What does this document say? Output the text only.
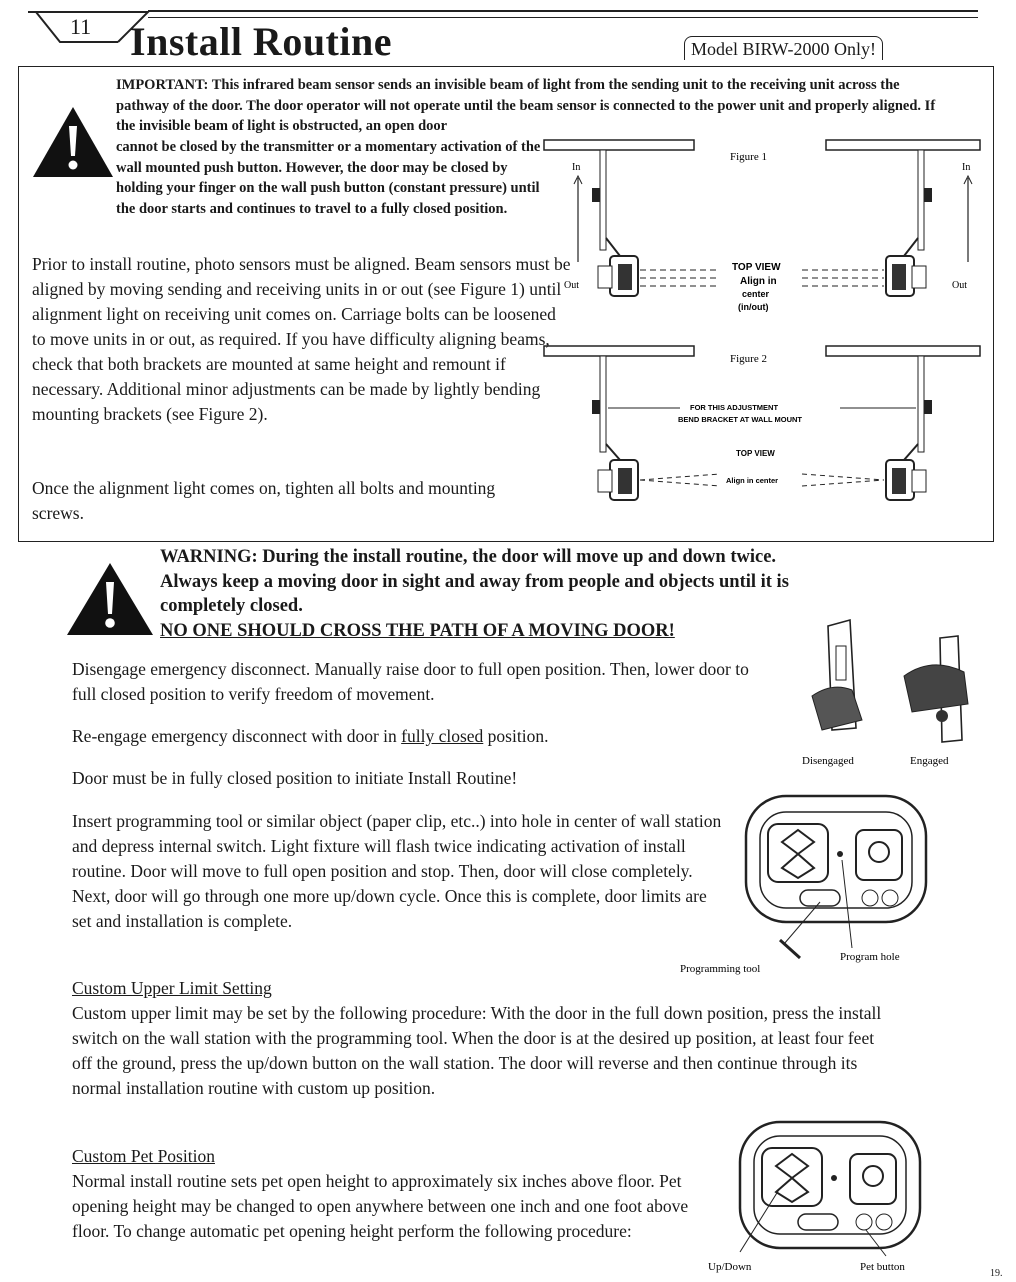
11 Install Routine	Model BIRW-2000 Only!
IMPORTANT: This infrared beam sensor sends an invisible beam of light from the sending unit to the receiving unit across the pathway of the door. The door operator will not operate until the beam sensor is connected to the power unit and properly aligned. If the invisible beam of light is obstructed, an open door
cannot be closed by the transmitter or a momentary activation of the wall mounted push button. However, the door may be closed by holding your finger on the wall push button (constant pressure) until the door starts and continues to travel to a fully closed position.
Prior to install routine, photo sensors must be aligned. Beam sensors must be aligned by moving sending and receiving units in or out (see Figure 1) until alignment light on receiving unit comes on. Carriage bolts can be loosened to move units in or out, as required. If you have difficulty aligning beams, check that both brackets are mounted at same height and remount if necessary. Additional minor adjustments can be made by lightly bending mounting brackets (see Figure 2).
Once the alignment light comes on, tighten all bolts and mounting screws.
Figure 1
In	In
Out	Out
TOP VIEW
Align in
center
(in/out)
Figure 2
FOR THIS ADJUSTMENT
BEND BRACKET AT WALL MOUNT
TOP VIEW
Align in center
WARNING: During the install routine, the door will move up and down twice. Always keep a moving door in sight and away from people and objects until it is completely closed.
NO ONE SHOULD CROSS THE PATH OF A MOVING DOOR!
Disengage emergency disconnect. Manually raise door to full open position. Then, lower door to full closed position to verify freedom of movement.
Re-engage emergency disconnect with door in fully closed position.
Door must be in fully closed position to initiate Install Routine!
Insert programming tool or similar object (paper clip, etc..) into hole in center of wall station and depress internal switch. Light fixture will flash twice indicating activation of install routine. Door will move to full open position and stop. Then, door will close completely. Next, door will go through one more up/down cycle. Once this is complete, door limits are set and installation is complete.
Disengaged	Engaged
Programming tool
Program hole
Custom Upper Limit Setting
Custom upper limit may be set by the following procedure: With the door in the full down position, press the install switch on the wall station with the programming tool. When the door is at the desired up position, at least four feet off the ground, press the up/down button on the wall station. The door will reverse and then continue through its normal installation routine with custom up position.
Custom Pet Position
Normal install routine sets pet open height to approximately six inches above floor. Pet opening height may be changed to open anywhere between one inch and one foot above floor. To change automatic pet opening height perform the following procedure:
Up/Down	Pet button
19.
